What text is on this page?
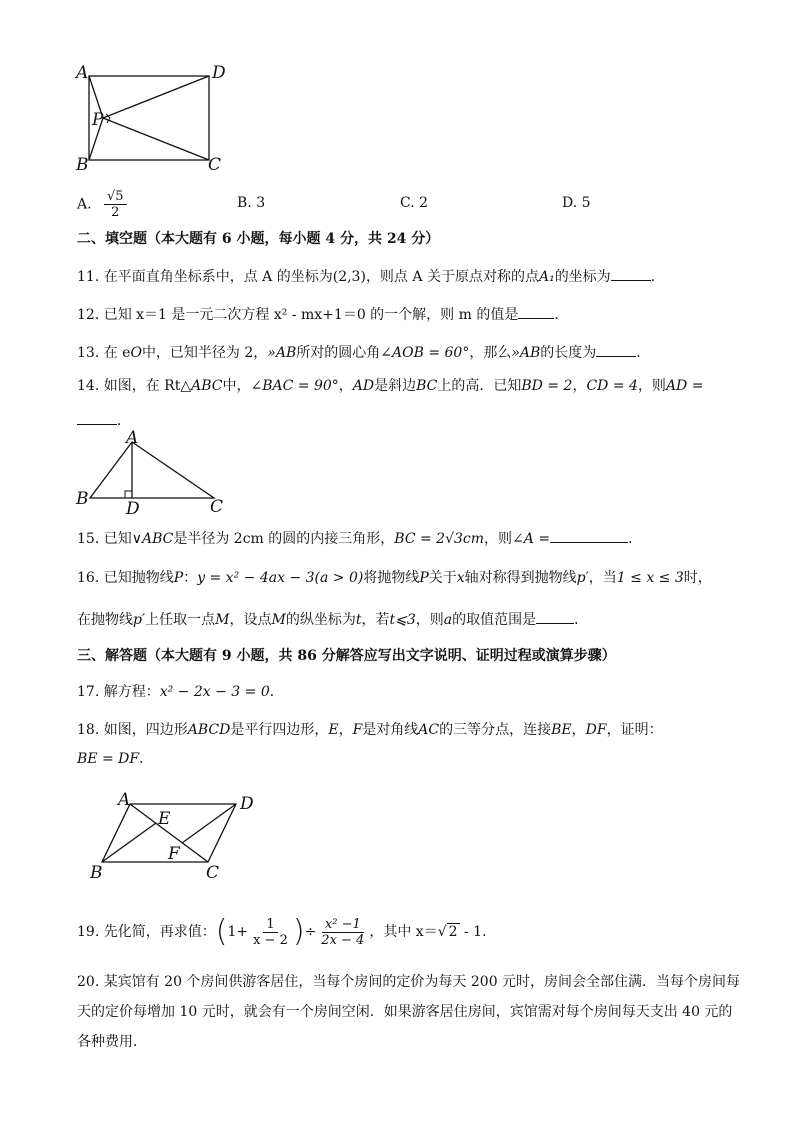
A	D
P
B	C
A. $\frac{√5}{2}$	B. 3	C. 2	D. 5
二、填空题（本大题有 6 小题，每小题 4 分，共 24 分）
11. 在平面直角坐标系中，点 A 的坐标为(2,3)，则点 A 关于原点对称的点A₁的坐标为	．
12. 已知 x＝1 是一元二次方程 x² - mx+1＝0 的一个解，则 m 的值是	．
13. 在 eO中，已知半径为 2，»AB所对的圆心角∠AOB = 60°，那么»AB的长度为	．
14. 如图，在 Rt△ABC中，∠BAC = 90°，AD是斜边BC上的高．已知BD = 2，CD = 4，则AD =
．
A
B D	C
15. 已知∨ABC是半径为 2cm 的圆的内接三角形，BC = 2√3cm，则∠A =	．
16. 已知抛物线P：y = x² − 4ax − 3(a > 0)将抛物线P关于x轴对称得到抛物线p′，当1 ≤ x ≤ 3时，
在抛物线p′上任取一点M，设点M的纵坐标为t，若t⩽3，则a的取值范围是	．
三、解答题（本大题有 9 小题，共 86 分解答应写出文字说明、证明过程或演算步骤）
17. 解方程：x² − 2x − 3 = 0．
18. 如图，四边形ABCD是平行四边形，E，F是对角线AC的三等分点，连接BE，DF，证明：
BE = DF．
A	D
E
F
B	C
19. 先化简，再求值：($1+ \frac{1}{x - 2}$ )÷ $\frac{\text{x² −1}}{2x - 4}$ ，其中 x＝√ 2 - 1．
20. 某宾馆有 20 个房间供游客居住，当每个房间的定价为每天 200 元时，房间会全部住满．当每个房间每
天的定价每增加 10 元时，就会有一个房间空闲．如果游客居住房间，宾馆需对每个房间每天支出 40 元的
各种费用．
